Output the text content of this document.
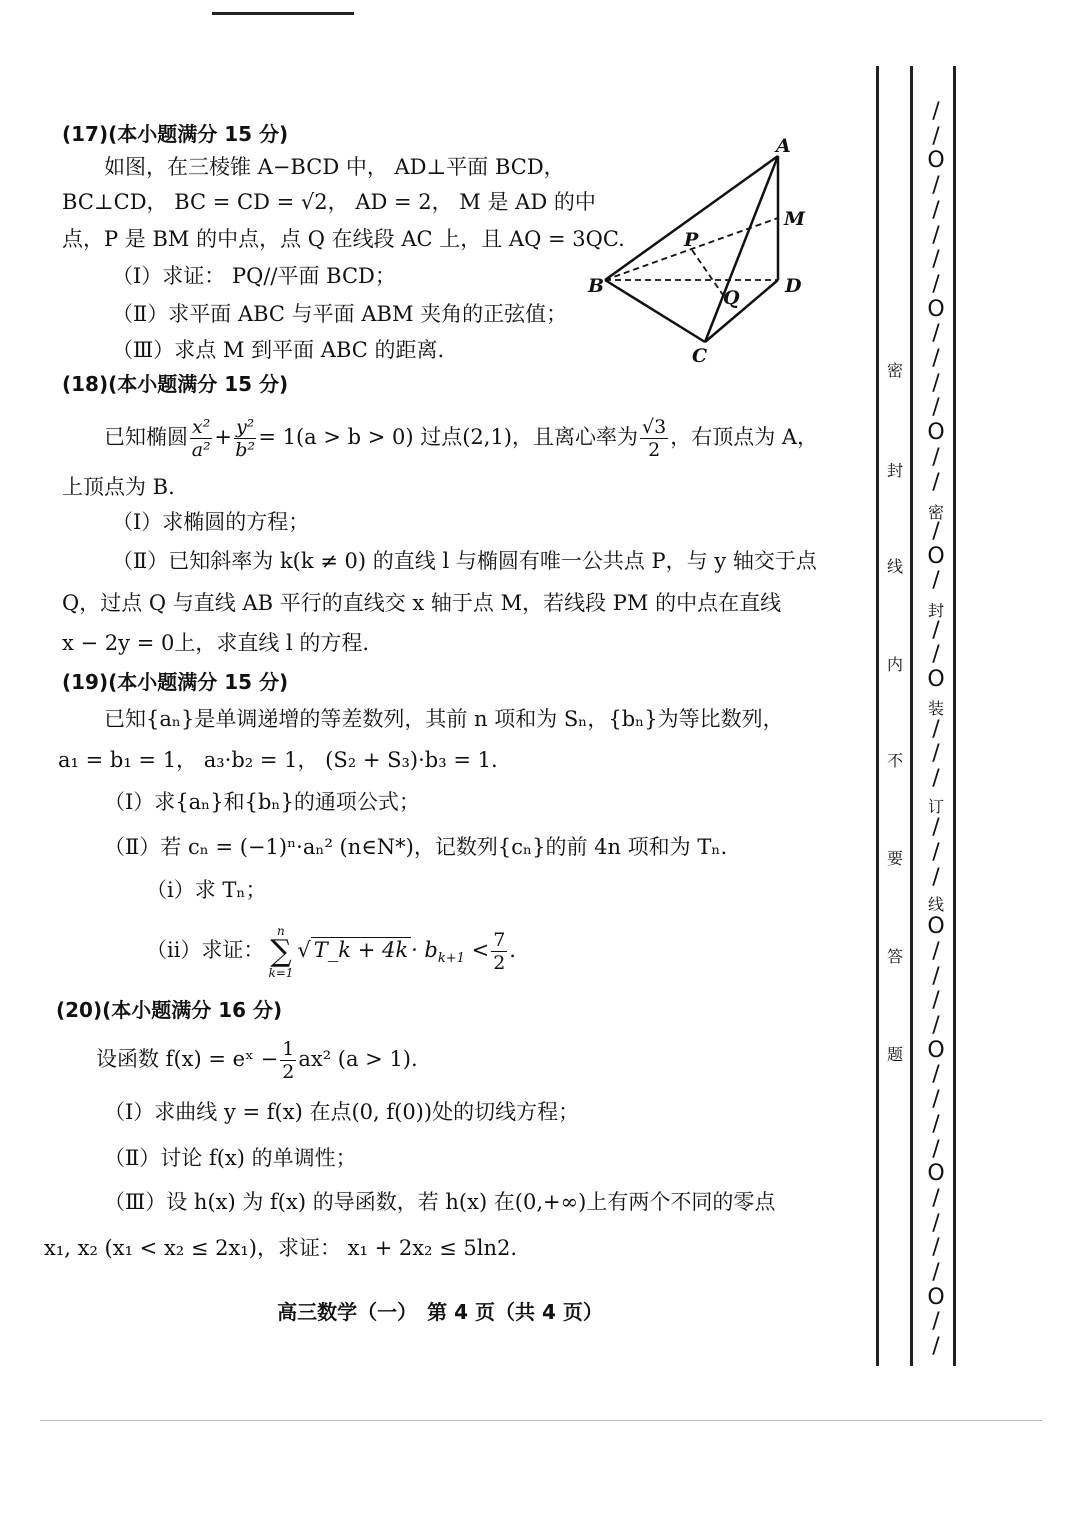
(17)(本小题满分 15 分)
如图，在三棱锥 A−BCD 中， AD⊥平面 BCD，
BC⊥CD， BC = CD = √2， AD = 2， M 是 AD 的中
点，P 是 BM 的中点，点 Q 在线段 AC 上，且 AQ = 3QC.
（Ⅰ）求证： PQ//平面 BCD；
（Ⅱ）求平面 ABC 与平面 ABM 夹角的正弦值；
（Ⅲ）求点 M 到平面 ABC 的距离.
A
B
C
D
M
P
Q
(18)(本小题满分 15 分)
已知椭圆 $\frac{\text{x²}}{\text{a²}} + \frac{\text{y²}}{\text{b²}} = 1(a > b > 0)$ 过点(2,1)，且离心率为 $\frac{√3}{2}$ ，右顶点为 A，
上顶点为 B.
（Ⅰ）求椭圆的方程；
（Ⅱ）已知斜率为 k(k ≠ 0) 的直线 l 与椭圆有唯一公共点 P，与 y 轴交于点
Q，过点 Q 与直线 AB 平行的直线交 x 轴于点 M，若线段 PM 的中点在直线
x − 2y = 0上，求直线 l 的方程.
(19)(本小题满分 15 分)
已知{aₙ}是单调递增的等差数列，其前 n 项和为 Sₙ，{bₙ}为等比数列，
a₁ = b₁ = 1， a₃·b₂ = 1， (S₂ + S₃)·b₃ = 1.
（Ⅰ）求{aₙ}和{bₙ}的通项公式；
（Ⅱ）若 cₙ = (−1)ⁿ·aₙ² (n∈N*)，记数列{cₙ}的前 4n 项和为 Tₙ.
（ⅰ）求 Tₙ；
（ⅱ）求证：
n
∑
k=1
√ T_k + $4k \cdot b_{k+1} < \frac{7}{2}$ .
(20)(本小题满分 16 分)
设函数 f(x) = eˣ − $\frac{1}{2} ax^2$ (a > 1).
（Ⅰ）求曲线 y = f(x) 在点(0, f(0))处的切线方程；
（Ⅱ）讨论 f(x) 的单调性；
（Ⅲ）设 h(x) 为 f(x) 的导函数，若 h(x) 在(0,+∞)上有两个不同的零点
x₁, x₂ (x₁ < x₂ ≤ 2x₁)，求证： x₁ + 2x₂ ≤ 5ln2.
高三数学（一）　第 4 页（共 4 页）
/
/
O
/
/
/
/
/
O
/
/
/
/
O
/
/

/
O
/

/
/
O

/
/
/

/
/
/

O
/
/
/
/
O
/
/
/
/
O
/
/
/
/
O
/
/
密
封
线
内
不
要
答
题
密
封
装
订
线
